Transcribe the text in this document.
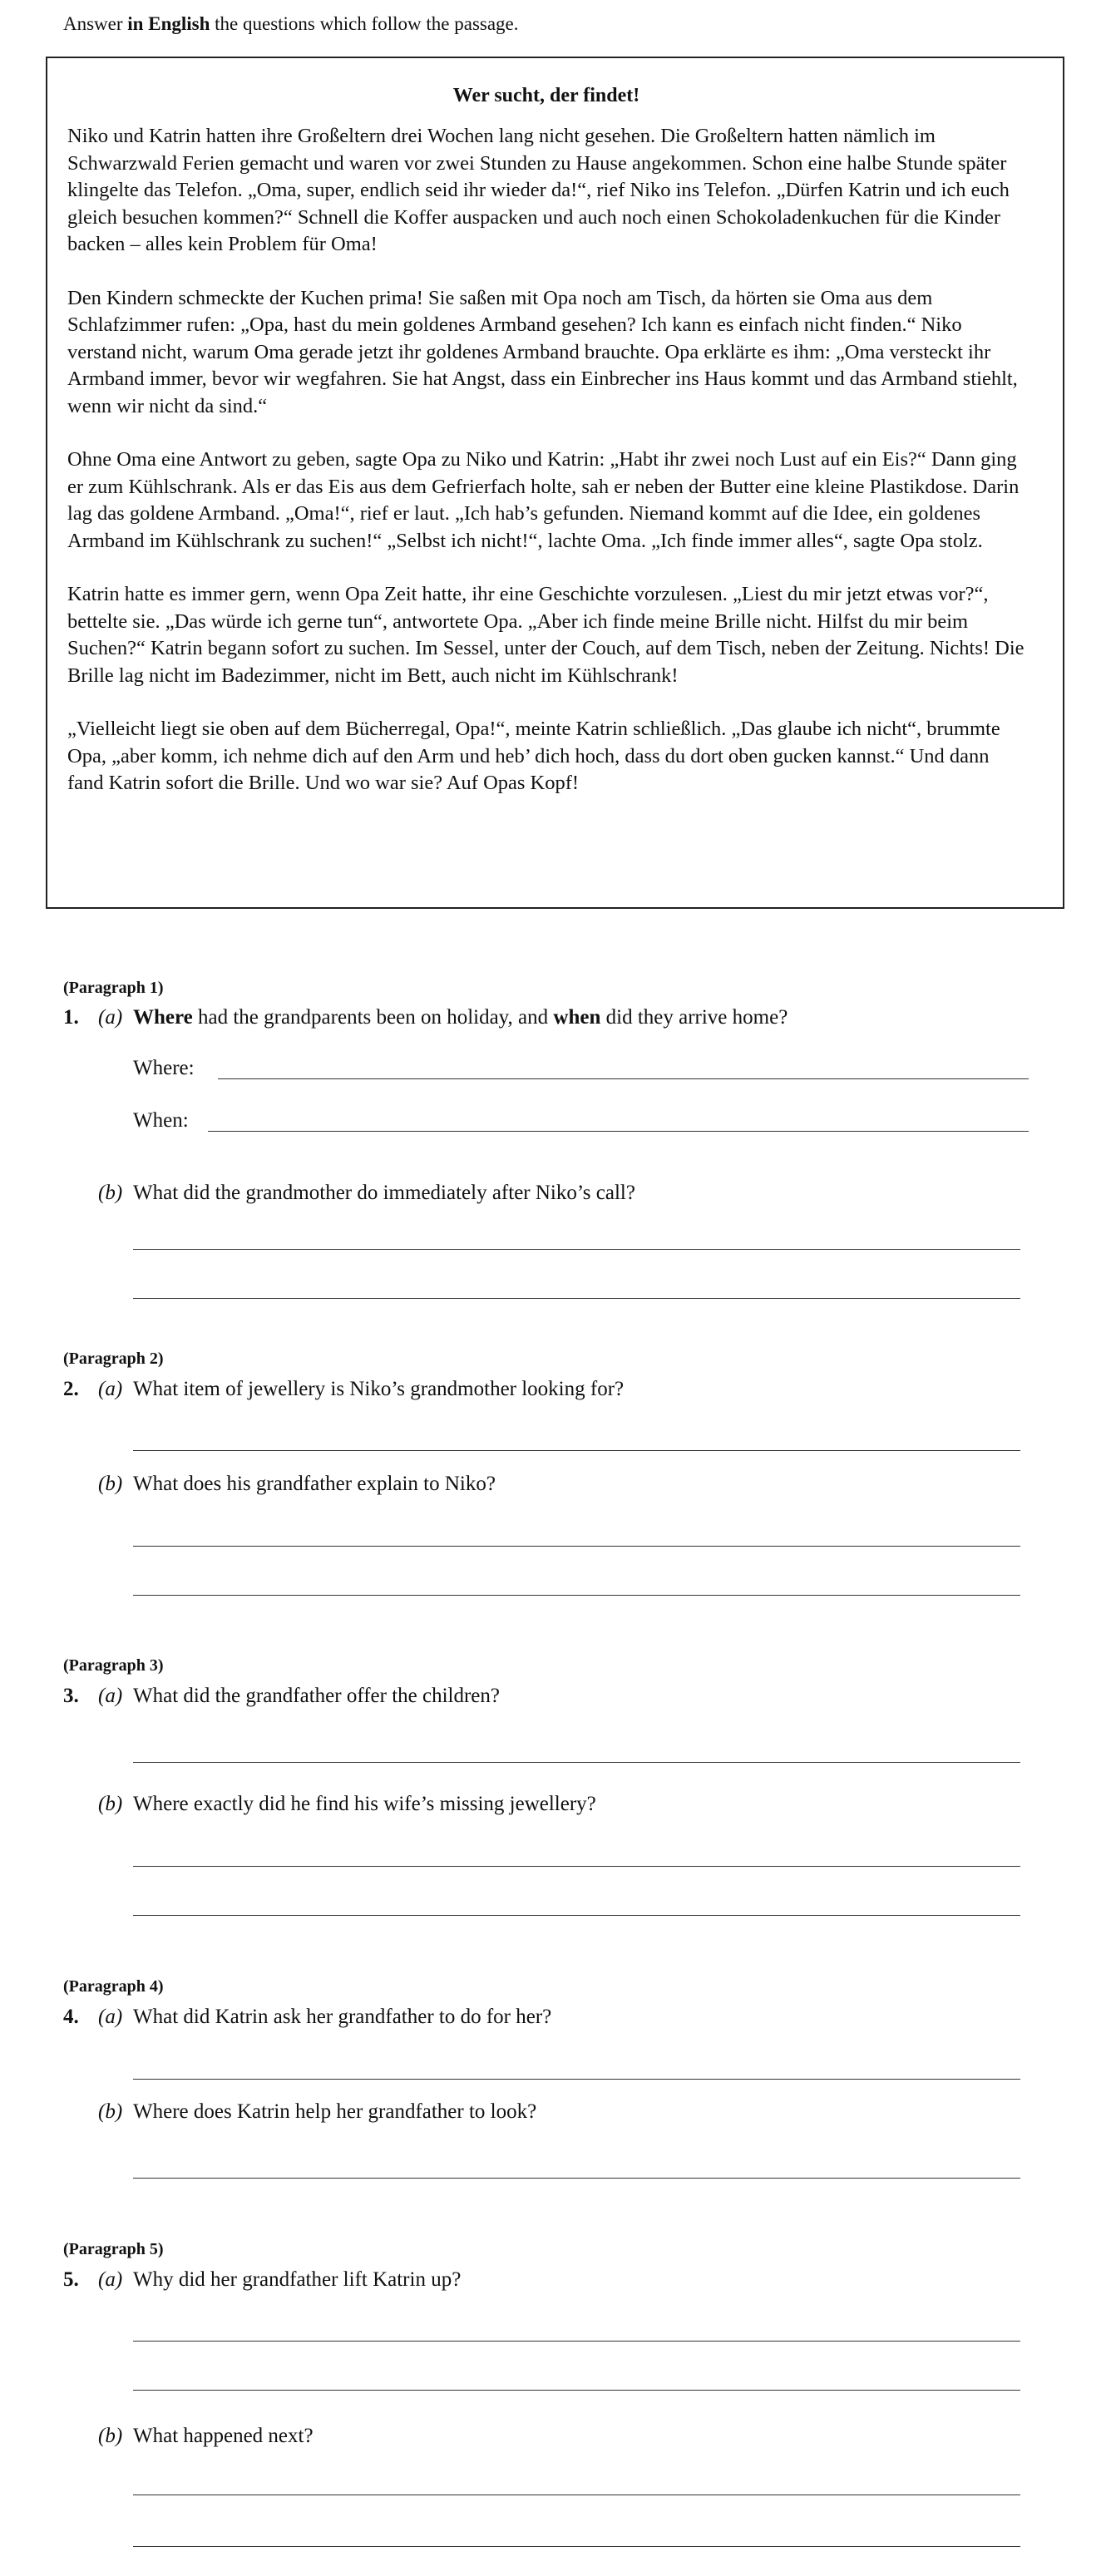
Answer in English the questions which follow the passage.
Wer sucht, der findet!

Niko und Katrin hatten ihre Großeltern drei Wochen lang nicht gesehen. Die Großeltern hatten nämlich im Schwarzwald Ferien gemacht und waren vor zwei Stunden zu Hause angekommen. Schon eine halbe Stunde später klingelte das Telefon. „Oma, super, endlich seid ihr wieder da!“, rief Niko ins Telefon. „Dürfen Katrin und ich euch gleich besuchen kommen?“ Schnell die Koffer auspacken und auch noch einen Schokoladenkuchen für die Kinder backen – alles kein Problem für Oma!

Den Kindern schmeckte der Kuchen prima! Sie saßen mit Opa noch am Tisch, da hörten sie Oma aus dem Schlafzimmer rufen: „Opa, hast du mein goldenes Armband gesehen? Ich kann es einfach nicht finden.“ Niko verstand nicht, warum Oma gerade jetzt ihr goldenes Armband brauchte. Opa erklärte es ihm: „Oma versteckt ihr Armband immer, bevor wir wegfahren. Sie hat Angst, dass ein Einbrecher ins Haus kommt und das Armband stiehlt, wenn wir nicht da sind.“

Ohne Oma eine Antwort zu geben, sagte Opa zu Niko und Katrin: „Habt ihr zwei noch Lust auf ein Eis?“ Dann ging er zum Kühlschrank. Als er das Eis aus dem Gefrierfach holte, sah er neben der Butter eine kleine Plastikdose. Darin lag das goldene Armband. „Oma!“, rief er laut. „Ich hab’s gefunden. Niemand kommt auf die Idee, ein goldenes Armband im Kühlschrank zu suchen!“ „Selbst ich nicht!“, lachte Oma. „Ich finde immer alles“, sagte Opa stolz.

Katrin hatte es immer gern, wenn Opa Zeit hatte, ihr eine Geschichte vorzulesen. „Liest du mir jetzt etwas vor?“, bettelte sie. „Das würde ich gerne tun“, antwortete Opa. „Aber ich finde meine Brille nicht. Hilfst du mir beim Suchen?“ Katrin begann sofort zu suchen. Im Sessel, unter der Couch, auf dem Tisch, neben der Zeitung. Nichts! Die Brille lag nicht im Badezimmer, nicht im Bett, auch nicht im Kühlschrank!

„Vielleicht liegt sie oben auf dem Bücherregal, Opa!“, meinte Katrin schließlich. „Das glaube ich nicht“, brummte Opa, „aber komm, ich nehme dich auf den Arm und heb’ dich hoch, dass du dort oben gucken kannst.“ Und dann fand Katrin sofort die Brille. Und wo war sie? Auf Opas Kopf!

(Paragraph 1)
1. (a) Where had the grandparents been on holiday, and when did they arrive home?
Where:
When:
(b) What did the grandmother do immediately after Niko’s call?
(Paragraph 2)
2. (a) What item of jewellery is Niko’s grandmother looking for?
(b) What does his grandfather explain to Niko?
(Paragraph 3)
3. (a) What did the grandfather offer the children?
(b) Where exactly did he find his wife’s missing jewellery?
(Paragraph 4)
4. (a) What did Katrin ask her grandfather to do for her?
(b) Where does Katrin help her grandfather to look?
(Paragraph 5)
5. (a) Why did her grandfather lift Katrin up?
(b) What happened next?
